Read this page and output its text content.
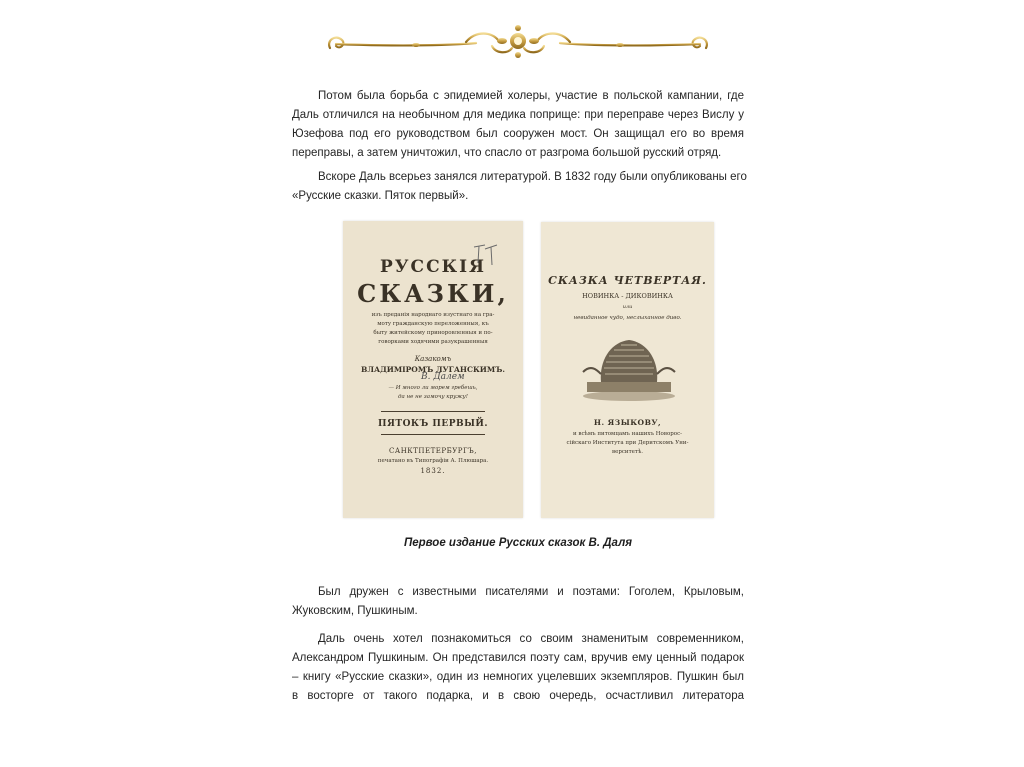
Потом была борьба с эпидемией холеры, участие в польской кампании, где
Даль отличился на необычном для медика поприще: при переправе через Вислу у
Юзефова под его руководством был сооружен мост. Он защищал его во время
переправы, а затем уничтожил, что спасло от разгрома большой русский отряд.

Вскоре Даль всерьез занялся литературой. В 1832 году были опубликованы его
«Русские сказки. Пяток первый».

РУССКІЯ
СКАЗКИ,
изъ преданія народнаго изустнаго на гра-
моту гражданскую переложенныя, къ
быту житейскому приноровленныя и по-
говорками ходячими разукрашенныя
Казакомъ
ВЛАДИМІРОМЪ ЛУГАНСКИМЪ.
В. Далем
— И много ли морем гребешь,
да не не замочу кружу!
ПЯТОКЪ ПЕРВЫЙ.
САНКТПЕТЕРБУРГЪ,
печатано въ Типографіи А. Плюшара.
1832.
СКАЗКА ЧЕТВЕРТАЯ.
НОВИНКА - ДИКОВИНКА
или
невиданное чудо, неслыханное диво.
Н. ЯЗЫКОВУ,
и всѣмъ питомцамъ нашихъ Новорос-
сійскаго Института при Деритскомъ Уни-
верситетѣ.
Первое издание Русских сказок В. Даля

Был дружен с известными писателями и поэтами: Гоголем, Крыловым,
Жуковским, Пушкиным.

Даль очень хотел познакомиться со своим знаменитым современником,
Александром Пушкиным. Он представился поэту сам, вручив ему ценный подарок
– книгу «Русские сказки», один из немногих уцелевших экземпляров. Пушкин был
в восторге от такого подарка, и в свою очередь, осчастливил литератора
